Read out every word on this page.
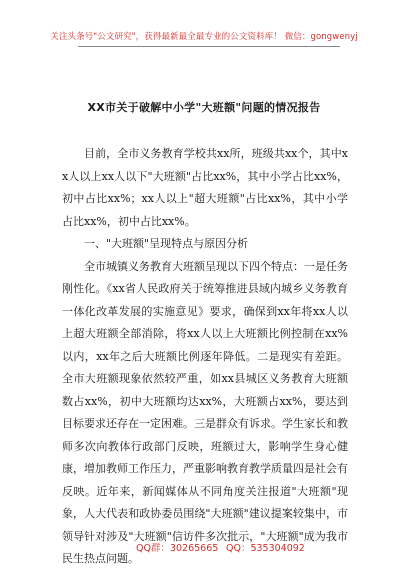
关注头条号"公文研究"，获得最新最全最专业的公文资料库！ 微信：gongwenyj
XX市关于破解中小学"大班额"问题的情况报告

目前，全市义务教育学校共xx所，班级共xx个，其中xx人以上xx人以下"大班额"占比xx%，其中小学占比xx%，初中占比xx%；xx人以上"超大班额"占比xx%，其中小学占比xx%，初中占比xx%。

一、"大班额"呈现特点与原因分析

全市城镇义务教育大班额呈现以下四个特点：一是任务刚性化。《xx省人民政府关于统筹推进县域内城乡义务教育一体化改革发展的实施意见》要求，确保到xx年将xx人以上超大班额全部消除，将xx人以上大班额比例控制在xx%以内，xx年之后大班额比例逐年降低。二是现实有差距。全市大班额现象依然较严重，如xx县城区义务教育大班额数占xx%，初中大班额均达xx%，大班额占xx%，要达到目标要求还存在一定困难。三是群众有诉求。学生家长和教师多次向教体行政部门反映，班额过大，影响学生身心健康，增加教师工作压力，严重影响教育教学质量四是社会有反映。近年来，新闻媒体从不同角度关注报道"大班额"现象，人大代表和政协委员围绕"大班额"建议提案较集中，市领导针对涉及"大班额"信访件多次批示，"大班额"成为我市民生热点问题。

QQ群：30265665 QQ：535304092
